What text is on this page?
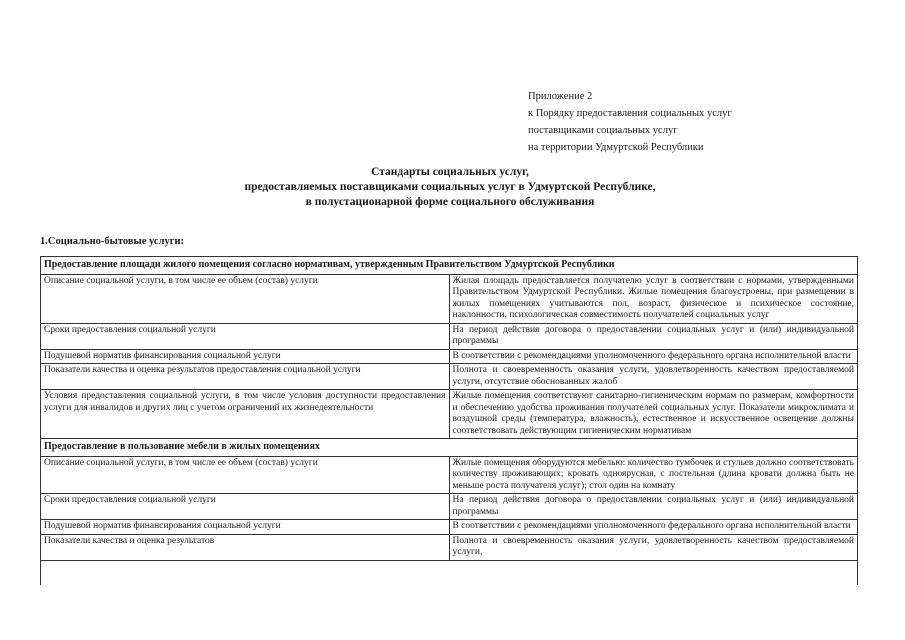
Приложение 2
к Порядку предоставления социальных услуг
поставщиками социальных услуг
на территории Удмуртской Республики
Стандарты социальных услуг,
предоставляемых поставщиками социальных услуг в Удмуртской Республике,
в полустационарной форме социального обслуживания
1.Социально-бытовые услуги:
Предоставление площади жилого помещения согласно нормативам, утвержденным Правительством Удмуртской Республики	
Описание социальной услуги, в том числе ее объем (состав) услуги	Жилая площадь предоставляется получателю услуг в соответствии с нормами, утвержденными Правительством Удмуртской Республики. Жилые помещения благоустроены, при размещении в жилых помещениях учитываются пол, возраст, физическое и психическое состояние, наклонности, психологическая совместимость получателей социальных услуг
Сроки предоставления социальной услуги	На период действия договора о предоставлении социальных услуг и (или) индивидуальной программы
Подушевой норматив финансирования социальной услуги	В соответствии с рекомендациями уполномоченного федерального органа исполнительной власти
Показатели качества и оценка результатов предоставления социальной услуги	Полнота и своевременность оказания услуги, удовлетворенность качеством предоставляемой услуги, отсутствие обоснованных жалоб
Условия предоставления социальной услуги, в том числе условия доступности предоставления услуги для инвалидов и других лиц с учетом ограничений их жизнедеятельности	Жилые помещения соответствуют санитарно-гигиеническим нормам по размерам, комфортности и обеспечению удобства проживания получателей социальных услуг. Показатели микроклимата и воздушной среды (температура, влажность), естественное и искусственное освещение должны соответствовать действующим гигиеническим нормативам
Предоставление в пользование мебели в жилых помещениях	
Описание социальной услуги, в том числе ее объем (состав) услуги	Жилые помещения оборудуются мебелью: количество тумбочек и стульев должно соответствовать количеству проживающих; кровать одноярусная, с постельная (длина кровати должна быть не меньше роста получателя услуг); стол один на комнату
Сроки предоставления социальной услуги	На период действия договора о предоставлении социальных услуг и (или) индивидуальной программы
Подушевой норматив финансирования социальной услуги	В соответствии с рекомендациями уполномоченного федерального органа исполнительной власти
Показатели качества и оценка результатов	Полнота и своевременность оказания услуги, удовлетворенность качеством предоставляемой услуги,
